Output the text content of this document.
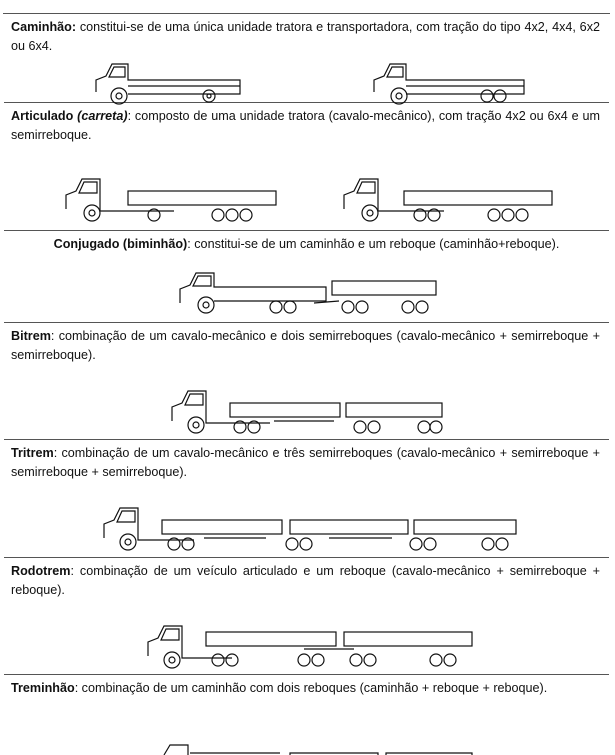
Caminhão: constitui-se de uma única unidade tratora e transportadora, com tração do tipo 4x2, 4x4, 6x2 ou 6x4.
Articulado (carreta): composto de uma unidade tratora (cavalo-mecânico), com tração 4x2 ou 6x4 e um semirreboque.
Conjugado (biminhão): constitui-se de um caminhão e um reboque (caminhão+reboque).
Bitrem: combinação de um cavalo-mecânico e dois semirreboques (cavalo-mecânico + semirreboque + semirreboque).
Tritrem: combinação de um cavalo-mecânico e três semirreboques (cavalo-mecânico + semirreboque + semirreboque + semirreboque).
Rodotrem: combinação de um veículo articulado e um reboque (cavalo-mecânico + semirreboque + reboque).
Treminhão: combinação de um caminhão com dois reboques (caminhão + reboque + reboque).
